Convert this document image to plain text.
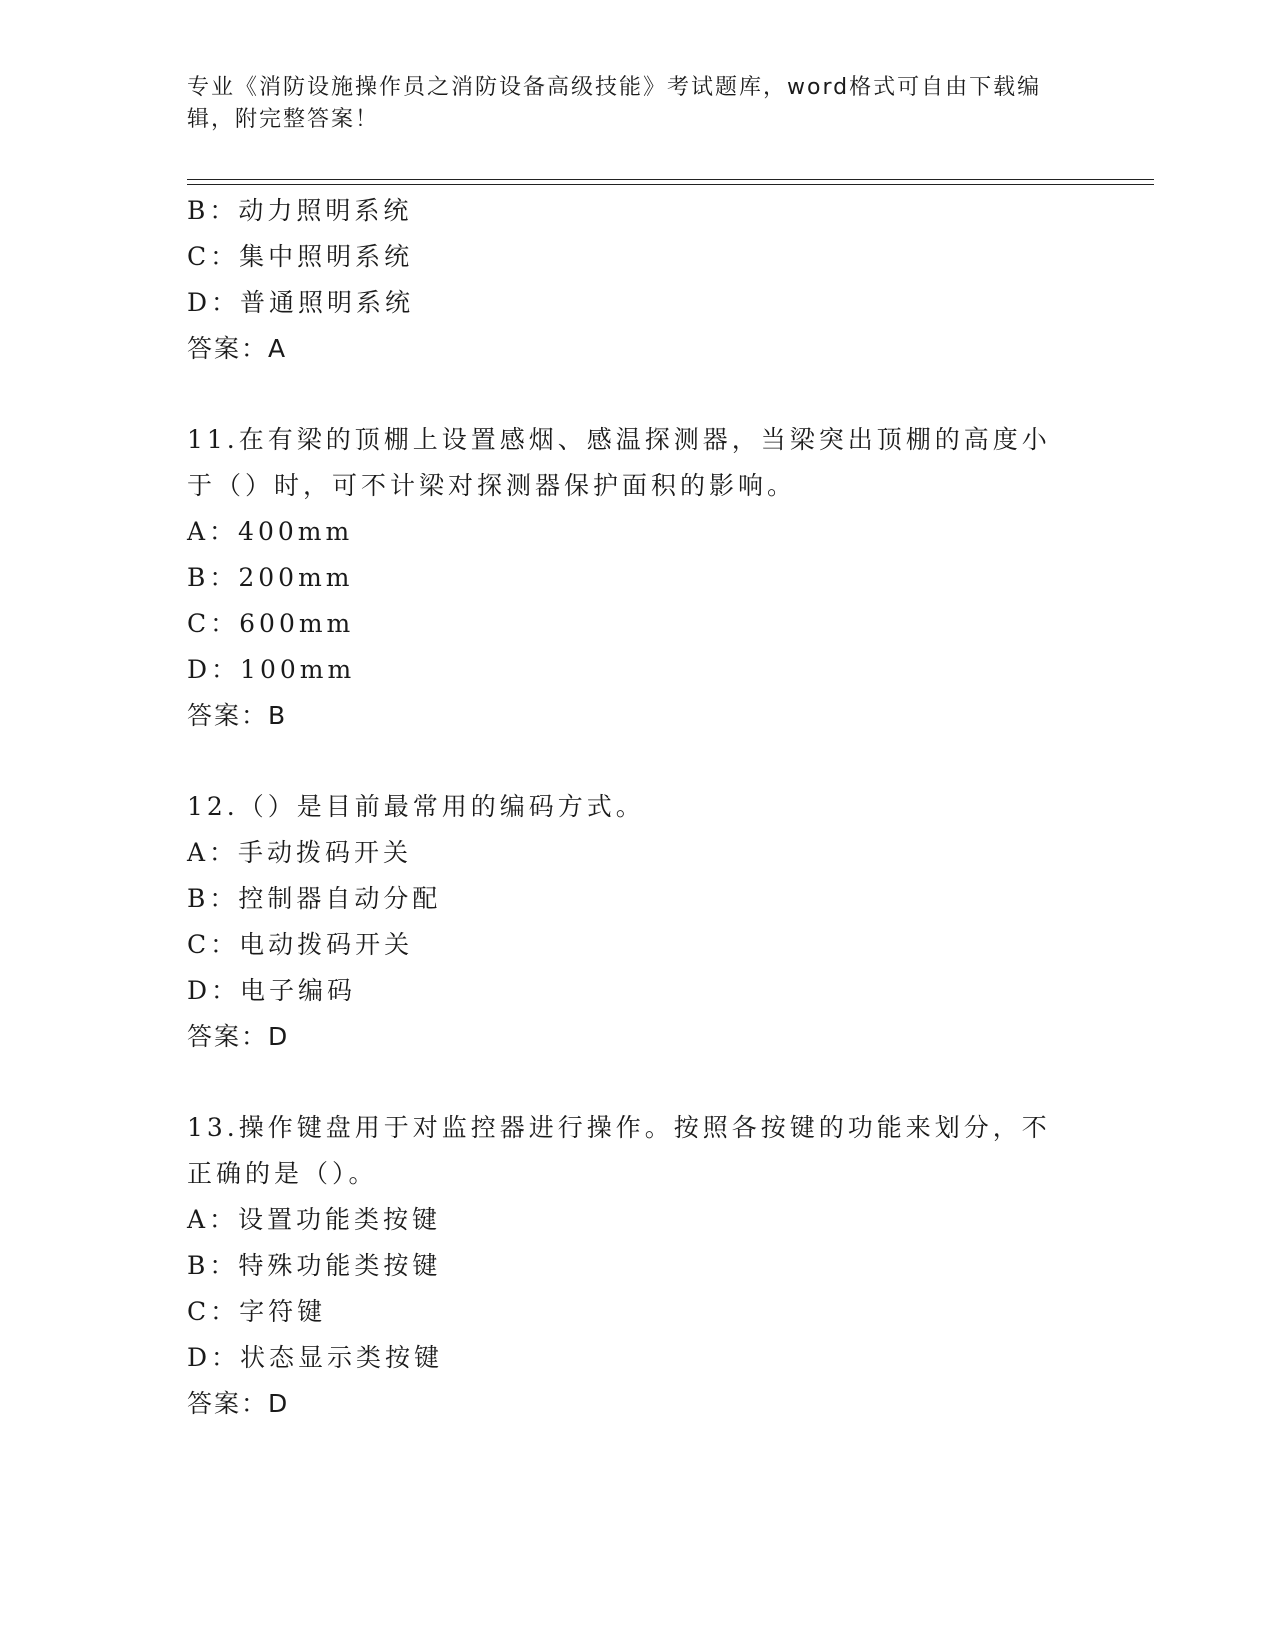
专业《消防设施操作员之消防设备高级技能》考试题库，word格式可自由下载编辑，附完整答案！
B：动力照明系统
C：集中照明系统
D：普通照明系统
答案：A
11.在有梁的顶棚上设置感烟、感温探测器，当梁突出顶棚的高度小于（）时，可不计梁对探测器保护面积的影响。
A：400mm
B：200mm
C：600mm
D：100mm
答案：B
12.（）是目前最常用的编码方式。
A：手动拨码开关
B：控制器自动分配
C：电动拨码开关
D：电子编码
答案：D
13.操作键盘用于对监控器进行操作。按照各按键的功能来划分，不正确的是（）。
A：设置功能类按键
B：特殊功能类按键
C：字符键
D：状态显示类按键
答案：D
